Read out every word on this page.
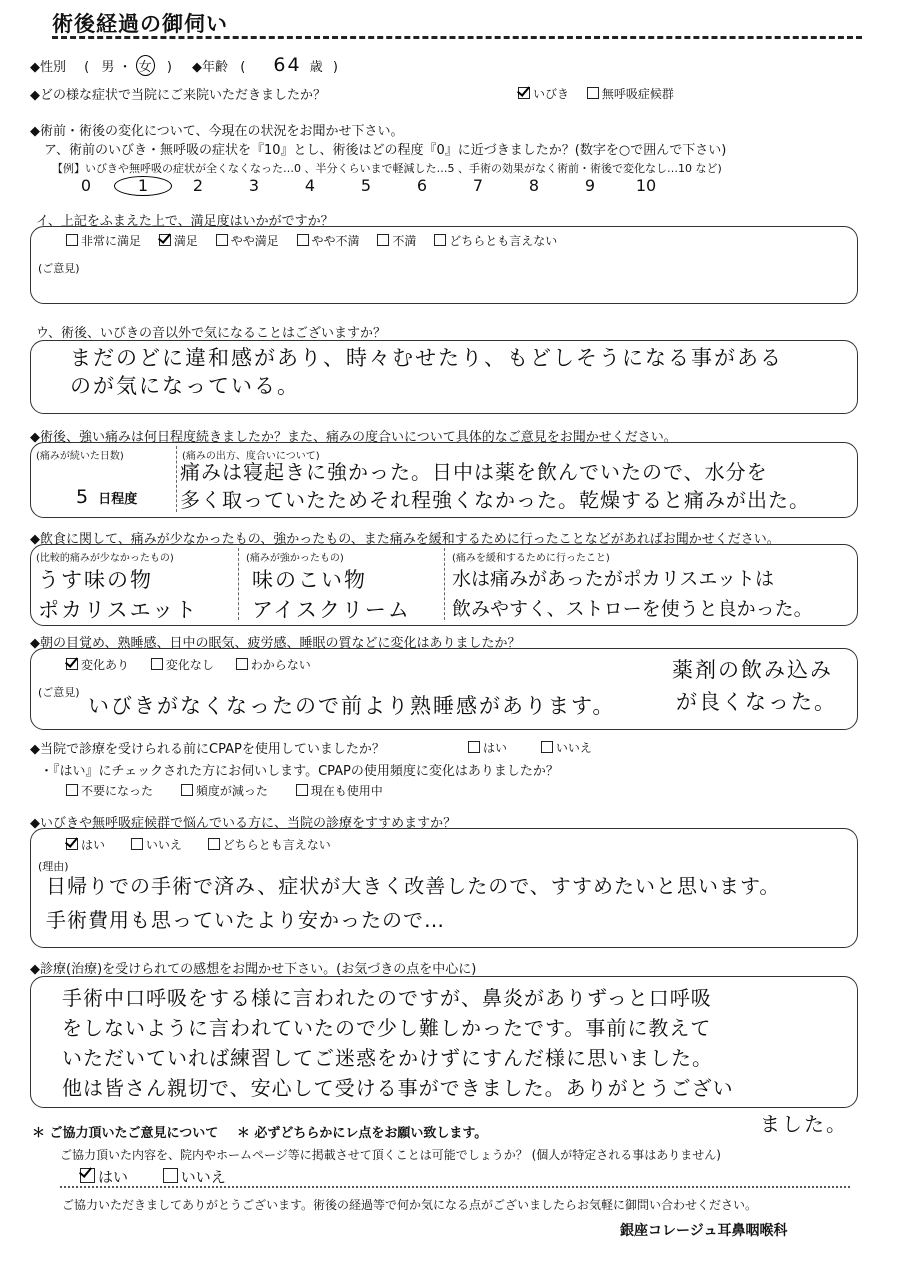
術後経過の御伺い
◆性別 ( 男 ・ 女 ) ◆年齢 ( 64 歳 )
◆どの様な症状で当院にご来院いただきましたか？	いびき	無呼吸症候群
◆術前・術後の変化について、今現在の状況をお聞かせ下さい。
ア、術前のいびき・無呼吸の症状を『10』とし、術後はどの程度『0』に近づきましたか？(数字を○で囲んで下さい)
【例】いびきや無呼吸の症状が全くなくなった…0 、半分くらいまで軽減した…5 、手術の効果がなく術前・術後で変化なし…10 など)
0	1	2	3	4	5	6	7	8	9	10
イ、上記をふまえた上で、満足度はいかがですか？
非常に満足	満足	やや満足	やや不満	不満	どちらとも言えない
(ご意見)
ウ、術後、いびきの音以外で気になることはございますか？
まだのどに違和感があり、時々むせたり、もどしそうになる事がある
のが気になっている。
◆術後、強い痛みは何日程度続きましたか？また、痛みの度合いについて具体的なご意見をお聞かせください。
(痛みが続いた日数)
5 日程度
(痛みの出方、度合いについて)
痛みは寝起きに強かった。日中は薬を飲んでいたので、水分を
多く取っていたためそれ程強くなかった。乾燥すると痛みが出た。
◆飲食に関して、痛みが少なかったもの、強かったもの、また痛みを緩和するために行ったことなどがあればお聞かせください。
(比較的痛みが少なかったもの)
うす味の物
ポカリスエット
(痛みが強かったもの)
味のこい物
アイスクリーム
(痛みを緩和するために行ったこと)
水は痛みがあったがポカリスエットは
飲みやすく、ストローを使うと良かった。
◆朝の目覚め、熟睡感、日中の眠気、疲労感、睡眠の質などに変化はありましたか？
変化あり	変化なし	わからない
(ご意見)
薬剤の飲み込み
いびきがなくなったので前より熟睡感があります。	が良くなった。
◆当院で診療を受けられる前にCPAPを使用していましたか？	はい	いいえ
・『はい』にチェックされた方にお伺いします。CPAPの使用頻度に変化はありましたか？
不要になった	頻度が減った	現在も使用中
◆いびきや無呼吸症候群で悩んでいる方に、当院の診療をすすめますか？
はい	いいえ	どちらとも言えない
(理由)
日帰りでの手術で済み、症状が大きく改善したので、すすめたいと思います。
手術費用も思っていたより安かったので…
◆診療(治療)を受けられての感想をお聞かせ下さい。(お気づきの点を中心に)
手術中口呼吸をする様に言われたのですが、鼻炎がありずっと口呼吸
をしないように言われていたので少し難しかったです。事前に教えて
いただいていれば練習してご迷惑をかけずにすんだ様に思いました。
他は皆さん親切で、安心して受ける事ができました。ありがとうござい
ました。
＊ ご協力頂いたご意見について ＊ 必ずどちらかにレ点をお願い致します。
ご協力頂いた内容を、院内やホームページ等に掲載させて頂くことは可能でしょうか？ (個人が特定される事はありません)
はい	いいえ
ご協力いただきましてありがとうございます。術後の経過等で何か気になる点がございましたらお気軽に御問い合わせください。
銀座コレージュ耳鼻咽喉科
